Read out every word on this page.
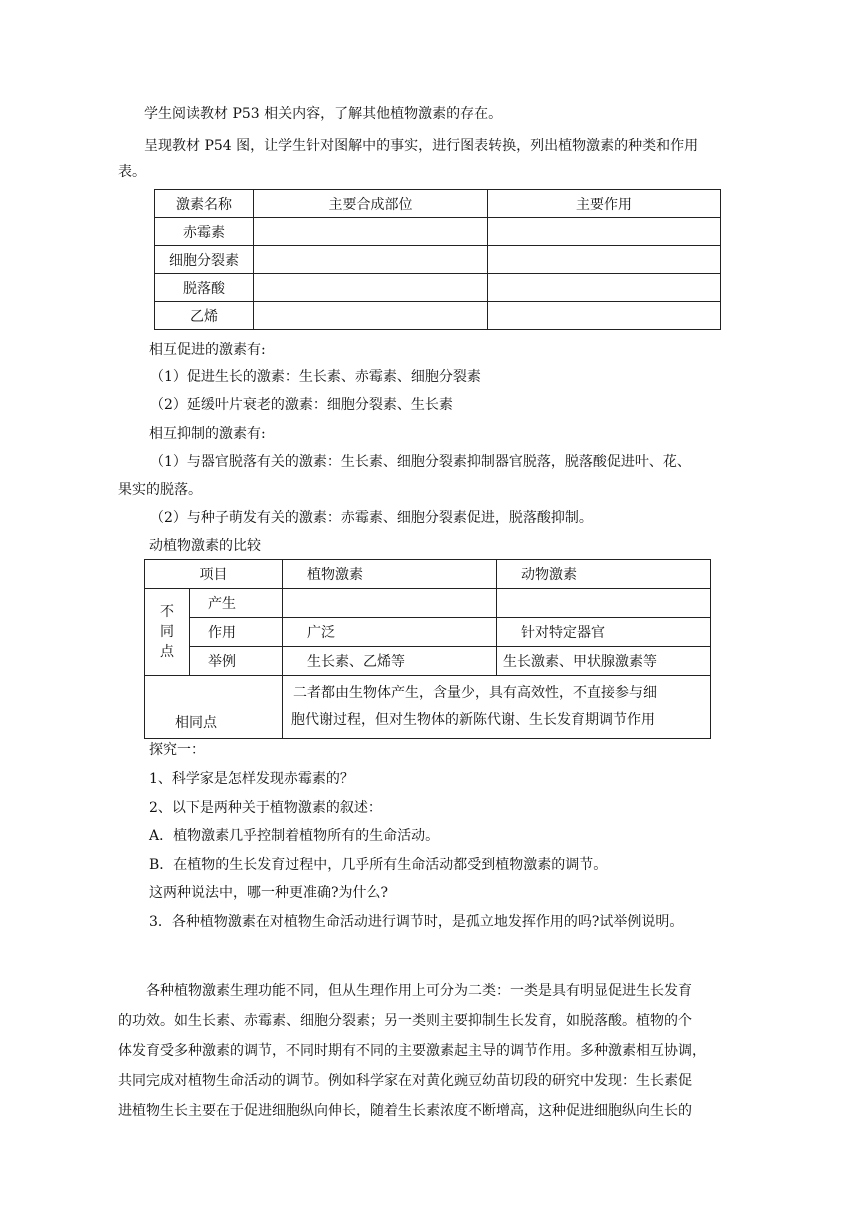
学生阅读教材 P53 相关内容，了解其他植物激素的存在。
呈现教材 P54 图，让学生针对图解中的事实，进行图表转换，列出植物激素的种类和作用
表。
激素名称	主要合成部位	主要作用
赤霉素		
细胞分裂素		
脱落酸		
乙烯		
相互促进的激素有:
（1）促进生长的激素：生长素、赤霉素、细胞分裂素
（2）延缓叶片衰老的激素：细胞分裂素、生长素
相互抑制的激素有:
（1）与器官脱落有关的激素：生长素、细胞分裂素抑制器官脱落，脱落酸促进叶、花、
果实的脱落。
（2）与种子萌发有关的激素：赤霉素、细胞分裂素促进，脱落酸抑制。
动植物激素的比较
项目		植物激素	动物激素

不
同
点	产生		
	作用	广泛	针对特定器官
	举例	生长素、乙烯等	生长激素、甲状腺激素等
相同点		二者都由生物体产生，含量少，具有高效性，不直接参与细
胞代谢过程，但对生物体的新陈代谢、生长发育期调节作用	
探究一：
1、科学家是怎样发现赤霉素的？
2、以下是两种关于植物激素的叙述：
A．植物激素几乎控制着植物所有的生命活动。
B．在植物的生长发育过程中，几乎所有生命活动都受到植物激素的调节。
这两种说法中，哪一种更准确?为什么?
3．各种植物激素在对植物生命活动进行调节时，是孤立地发挥作用的吗?试举例说明。
各种植物激素生理功能不同，但从生理作用上可分为二类：一类是具有明显促进生长发育
的功效。如生长素、赤霉素、细胞分裂素；另一类则主要抑制生长发育，如脱落酸。植物的个
体发育受多种激素的调节，不同时期有不同的主要激素起主导的调节作用。多种激素相互协调，
共同完成对植物生命活动的调节。例如科学家在对黄化豌豆幼苗切段的研究中发现：生长素促
进植物生长主要在于促进细胞纵向伸长，随着生长素浓度不断增高，这种促进细胞纵向生长的
